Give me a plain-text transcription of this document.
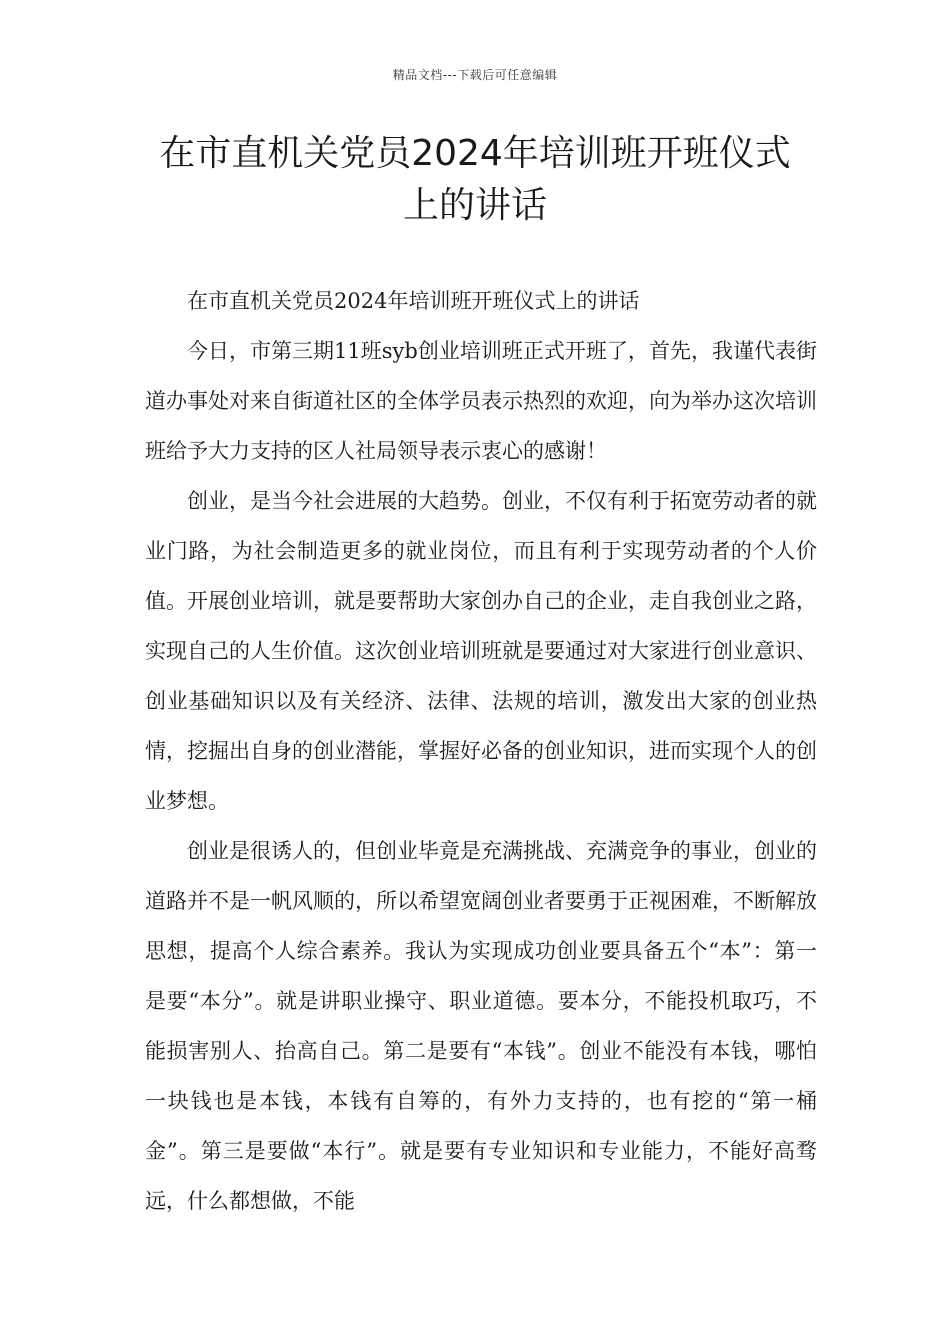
精品文档---下载后可任意编辑
在市直机关党员2024年培训班开班仪式上的讲话

在市直机关党员2024年培训班开班仪式上的讲话

今日，市第三期11班syb创业培训班正式开班了，首先，我谨代表街道办事处对来自街道社区的全体学员表示热烈的欢迎，向为举办这次培训班给予大力支持的区人社局领导表示衷心的感谢！

创业，是当今社会进展的大趋势。创业，不仅有利于拓宽劳动者的就业门路，为社会制造更多的就业岗位，而且有利于实现劳动者的个人价值。开展创业培训，就是要帮助大家创办自己的企业，走自我创业之路，实现自己的人生价值。这次创业培训班就是要通过对大家进行创业意识、创业基础知识以及有关经济、法律、法规的培训，激发出大家的创业热情，挖掘出自身的创业潜能，掌握好必备的创业知识，进而实现个人的创业梦想。

创业是很诱人的，但创业毕竟是充满挑战、充满竞争的事业，创业的道路并不是一帆风顺的，所以希望宽阔创业者要勇于正视困难，不断解放思想，提高个人综合素养。我认为实现成功创业要具备五个“本”：第一是要“本分”。就是讲职业操守、职业道德。要本分，不能投机取巧，不能损害别人、抬高自己。第二是要有“本钱”。创业不能没有本钱，哪怕一块钱也是本钱，本钱有自筹的，有外力支持的，也有挖的“第一桶金”。第三是要做“本行”。就是要有专业知识和专业能力，不能好高骛远，什么都想做，不能
